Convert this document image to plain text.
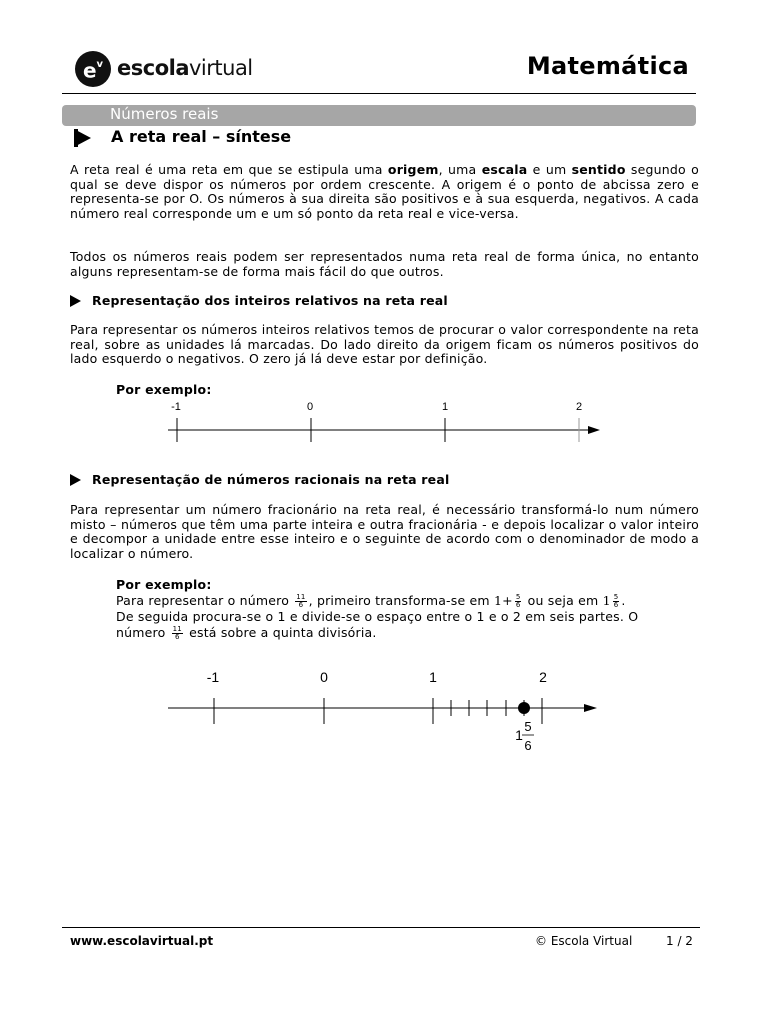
$e^v$ escolavirtual	Matemática
Números reais
A reta real – síntese
A reta real é uma reta em que se estipula uma origem, uma escala e um sentido segundo o qual se deve dispor os números por ordem crescente. A origem é o ponto de abcissa zero e representa-se por O. Os números à sua direita são positivos e à sua esquerda, negativos. A cada número real corresponde um e um só ponto da reta real e vice-versa.
Todos os números reais podem ser representados numa reta real de forma única, no entanto alguns representam-se de forma mais fácil do que outros.
Representação dos inteiros relativos na reta real
Para representar os números inteiros relativos temos de procurar o valor correspondente na reta real, sobre as unidades lá marcadas. Do lado direito da origem ficam os números positivos do lado esquerdo o negativos. O zero já lá deve estar por definição.
Por exemplo:
-1	0	1	2
Representação de números racionais na reta real
Para representar um número fracionário na reta real, é necessário transformá-lo num número misto – números que têm uma parte inteira e outra fracionária - e depois localizar o valor inteiro e decompor a unidade entre esse inteiro e o seguinte de acordo com o denominador de modo a localizar o número.
Por exemplo:
Para representar o número $\frac{11}{6}$ , primeiro transforma-se em $1+ \frac{5}{6}$ ou seja em $1 \frac{5}{6}$ .
De seguida procura-se o 1 e divide-se o espaço entre o 1 e o 2 em seis partes. O
número $\frac{11}{6}$ está sobre a quinta divisória.
-1	0	1	2
1
5
6
www.escolavirtual.pt	© Escola Virtual	1 / 2
